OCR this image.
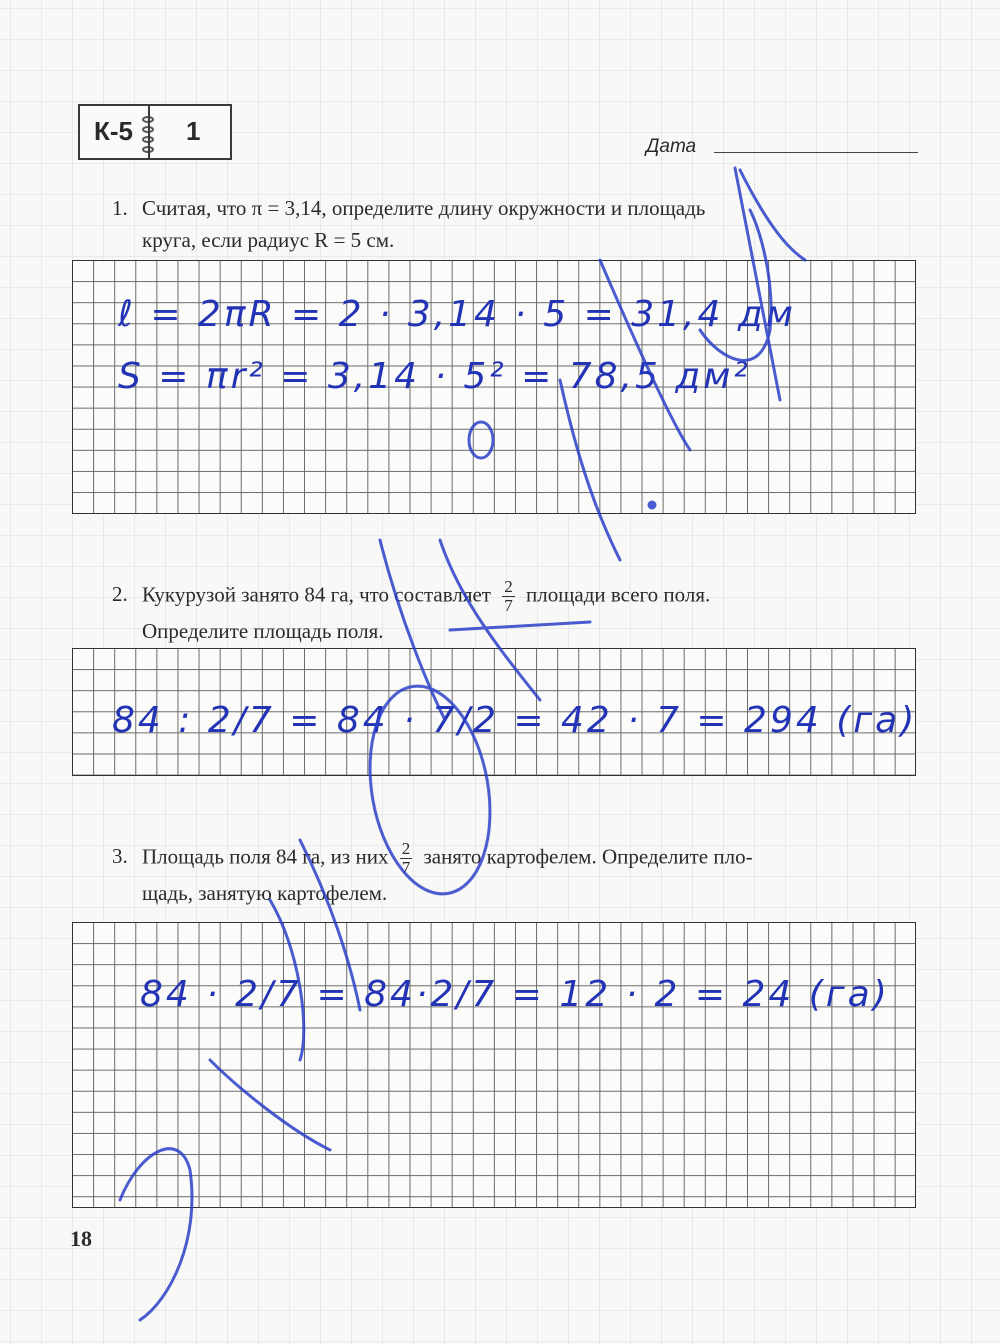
К-5 1
Дата
1. Считая, что π = 3,14, определите длину окружности и площадь
круга, если радиус R = 5 см.
ℓ = 2πR = 2 · 3,14 · 5 = 31,4 дм
S = πr² = 3,14 · 5² = 78,5 дм²
2. Кукурузой занято 84 га, что составляет $\frac{2}{7}$ площади всего поля.
Определите площадь поля.
84 : 2/7 = 84 · 7/2 = 42 · 7 = 294 (га)
3. Площадь поля 84 га, из них $\frac{2}{7}$ занято картофелем. Определите пло-
щадь, занятую картофелем.
84 · 2/7 = 84·2/7 = 12 · 2 = 24 (га)
18
